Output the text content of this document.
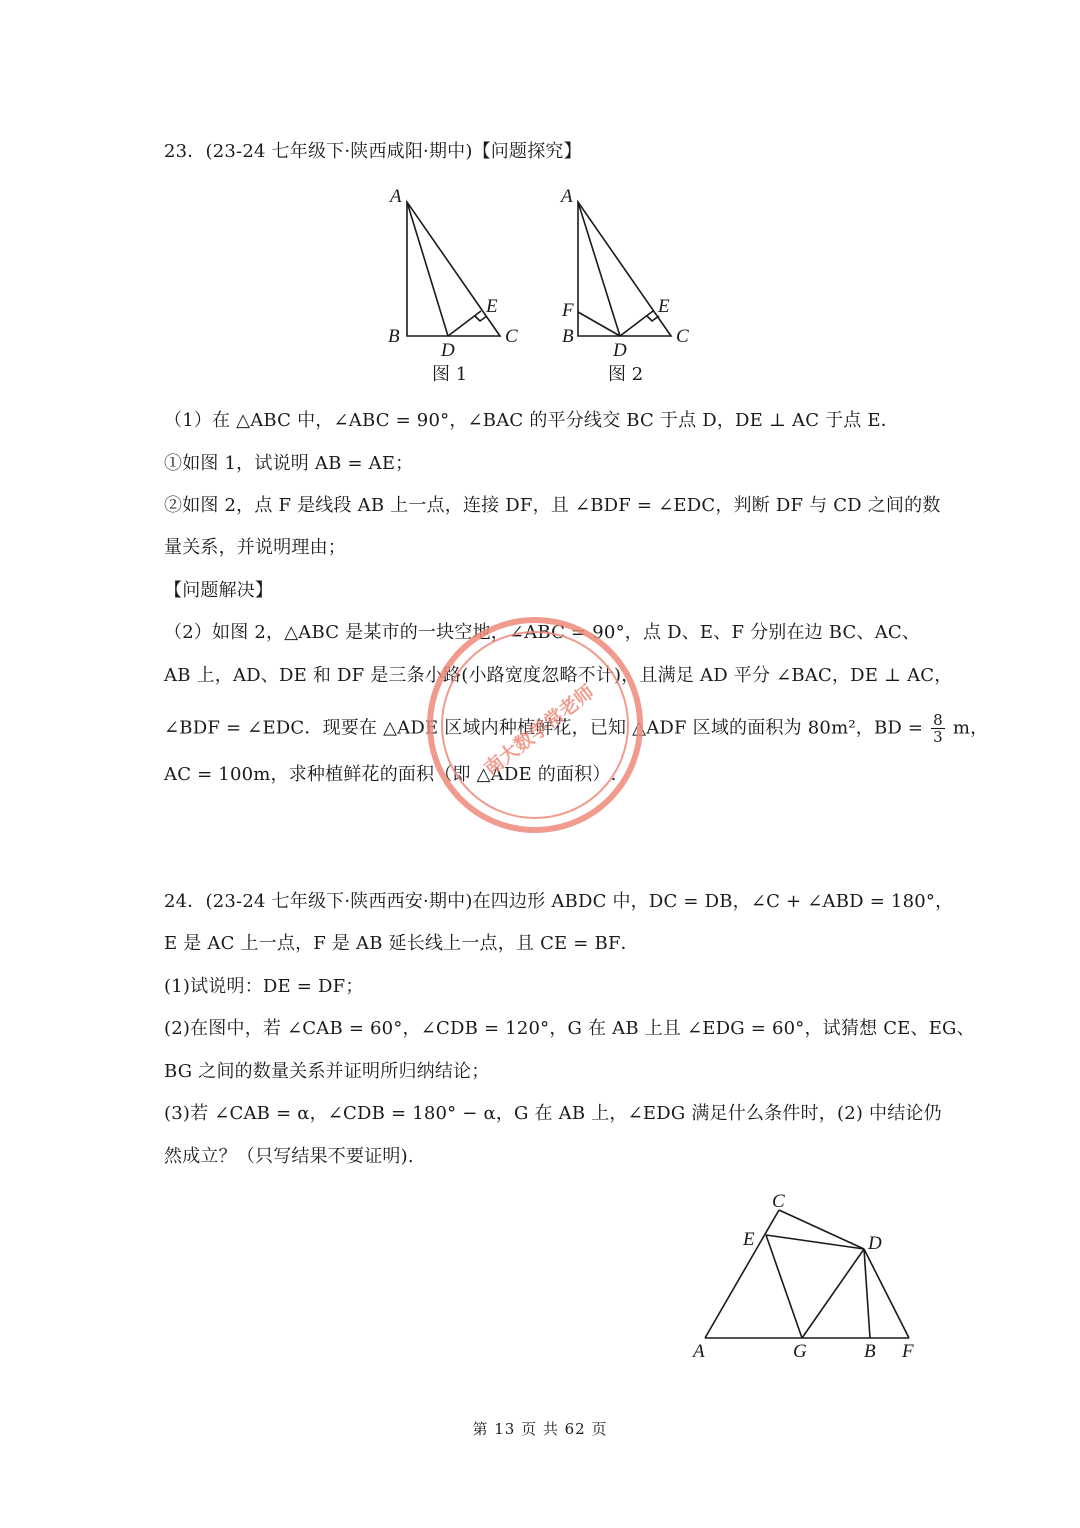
23．(23-24 七年级下·陕西咸阳·期中)【问题探究】
A
B	C
D
E
图 1
A
F
B	C
D
E
图 2
（1）在 △ABC 中，∠ABC = 90°，∠BAC 的平分线交 BC 于点 D，DE ⊥ AC 于点 E．
①如图 1，试说明 AB = AE；
②如图 2，点 F 是线段 AB 上一点，连接 DF，且 ∠BDF = ∠EDC，判断 DF 与 CD 之间的数
量关系，并说明理由；
【问题解决】
（2）如图 2，△ABC 是某市的一块空地，∠ABC = 90°，点 D、E、F 分别在边 BC、AC、
AB 上，AD、DE 和 DF 是三条小路(小路宽度忽略不计)，且满足 AD 平分 ∠BAC，DE ⊥ AC，
∠BDF = ∠EDC．现要在 △ADE 区域内种植鲜花，已知 △ADF 区域的面积为 80m²，BD = $\frac{8}{3}$ m，
AC = 100m，求种植鲜花的面积（即 △ADE 的面积）.
南大数学常老师
24．(23-24 七年级下·陕西西安·期中)在四边形 ABDC 中，DC = DB，∠C + ∠ABD = 180°，
E 是 AC 上一点，F 是 AB 延长线上一点，且 CE = BF．
(1)试说明：DE = DF；
(2)在图中，若 ∠CAB = 60°，∠CDB = 120°，G 在 AB 上且 ∠EDG = 60°，试猜想 CE、EG、
BG 之间的数量关系并证明所归纳结论；
(3)若 ∠CAB = α，∠CDB = 180° − α，G 在 AB 上，∠EDG 满足什么条件时，(2) 中结论仍
然成立？（只写结果不要证明).
C
E	D
A	G	B F
第 13 页 共 62 页
